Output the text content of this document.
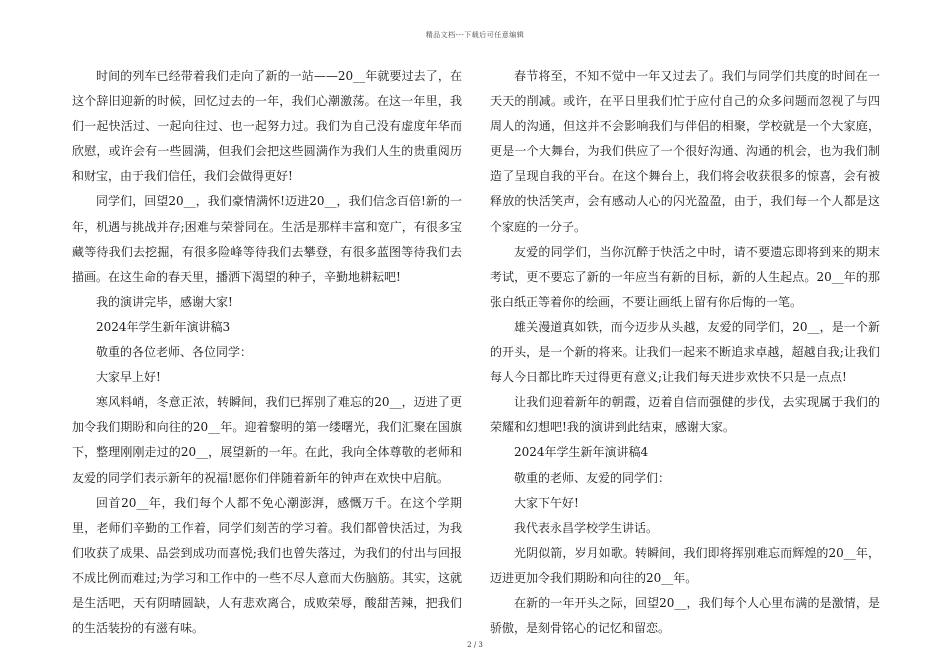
精品文档---下载后可任意编辑

时间的列车已经带着我们走向了新的一站——20__年就要过去了，在这个辞旧迎新的时候，回忆过去的一年，我们心潮激荡。在这一年里，我们一起快活过、一起向往过、也一起努力过。我们为自己没有虚度年华而欣慰，或许会有一些圆满，但我们会把这些圆满作为我们人生的贵重阅历和财宝，由于我们信任，我们会做得更好!

同学们，回望20__，我们豪情满怀!迈进20__，我们信念百倍!新的一年，机遇与挑战并存;困难与荣誉同在。生活是那样丰富和宽广，有很多宝藏等待我们去挖掘，有很多险峰等待我们去攀登，有很多蓝图等待我们去描画。在这生命的春天里，播洒下渴望的种子，辛勤地耕耘吧!

我的演讲完毕，感谢大家!

2024年学生新年演讲稿3

敬重的各位老师、各位同学：

大家早上好!

寒风料峭，冬意正浓，转瞬间，我们已挥别了难忘的20__，迈进了更加令我们期盼和向往的20__年。迎着黎明的第一缕曙光，我们汇聚在国旗下，整理刚刚走过的20__，展望新的一年。在此，我向全体尊敬的老师和友爱的同学们表示新年的祝福!愿你们伴随着新年的钟声在欢快中启航。

回首20__年，我们每个人都不免心潮澎湃，感慨万千。在这个学期里，老师们辛勤的工作着，同学们刻苦的学习着。我们都曾快活过，为我们收获了成果、品尝到成功而喜悦;我们也曾失落过，为我们的付出与回报不成比例而难过;为学习和工作中的一些不尽人意而大伤脑筋。其实，这就是生活吧，天有阴晴圆缺，人有悲欢离合，成败荣辱，酸甜苦辣，把我们的生活装扮的有滋有味。

春节将至，不知不觉中一年又过去了。我们与同学们共度的时间在一天天的削减。或许，在平日里我们忙于应付自己的众多问题而忽视了与四周人的沟通，但这并不会影响我们与伴侣的相聚，学校就是一个大家庭，更是一个大舞台，为我们供应了一个很好沟通、沟通的机会，也为我们制造了呈现自我的平台。在这个舞台上，我们将会收获很多的惊喜，会有被释放的快活笑声，会有感动人心的闪光盈盈，由于，我们每一个人都是这个家庭的一分子。

友爱的同学们，当你沉醉于快活之中时，请不要遗忘即将到来的期末考试，更不要忘了新的一年应当有新的目标，新的人生起点。20__年的那张白纸正等着你的绘画，不要让画纸上留有你后悔的一笔。

雄关漫道真如铁，而今迈步从头越，友爱的同学们，20__，是一个新的开头，是一个新的将来。让我们一起来不断追求卓越，超越自我;让我们每人今日都比昨天过得更有意义;让我们每天进步欢快不只是一点点!

让我们迎着新年的朝霞，迈着自信而强健的步伐，去实现属于我们的荣耀和幻想吧!我的演讲到此结束，感谢大家。

2024年学生新年演讲稿4

敬重的老师、友爱的同学们：

大家下午好!

我代表永昌学校学生讲话。

光阴似箭，岁月如歌。转瞬间，我们即将挥别难忘而辉煌的20__年，迈进更加令我们期盼和向往的20__年。

在新的一年开头之际，回望20__，我们每个人心里布满的是激情，是骄傲，是刻骨铭心的记忆和留恋。

2 / 3
